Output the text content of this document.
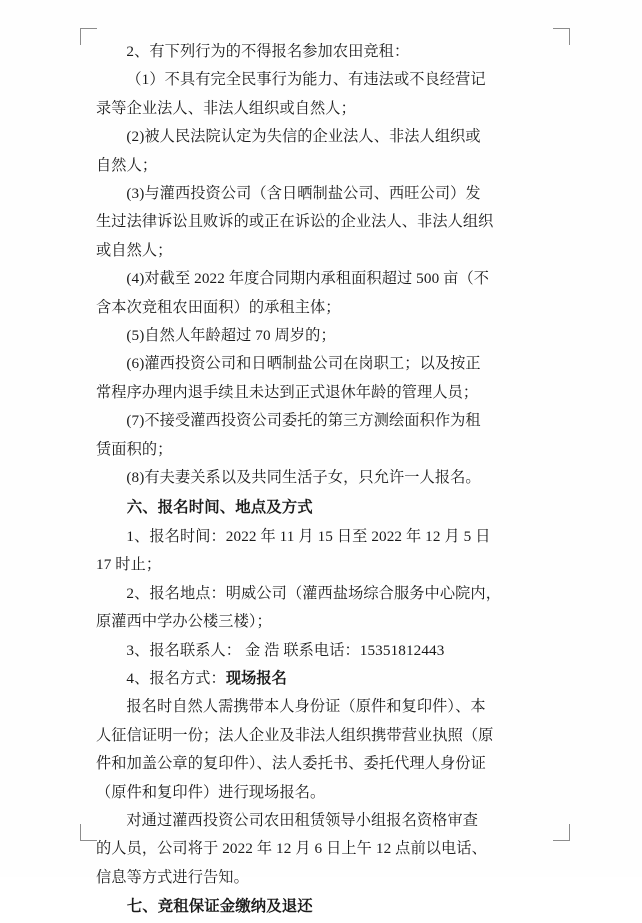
2、有下列行为的不得报名参加农田竞租：

（1）不具有完全民事行为能力、有违法或不良经营记

录等企业法人、非法人组织或自然人；

(2)被人民法院认定为失信的企业法人、非法人组织或

自然人；

(3)与灌西投资公司（含日晒制盐公司、西旺公司）发

生过法律诉讼且败诉的或正在诉讼的企业法人、非法人组织

或自然人；

(4)对截至 2022 年度合同期内承租面积超过 500 亩（不

含本次竞租农田面积）的承租主体；

(5)自然人年龄超过 70 周岁的；

(6)灌西投资公司和日晒制盐公司在岗职工；以及按正

常程序办理内退手续且未达到正式退休年龄的管理人员；

(7)不接受灌西投资公司委托的第三方测绘面积作为租

赁面积的；

(8)有夫妻关系以及共同生活子女，只允许一人报名。

六、报名时间、地点及方式

1、报名时间：2022 年 11 月 15 日至 2022 年 12 月 5 日

17 时止；

2、报名地点：明威公司（灌西盐场综合服务中心院内，

原灌西中学办公楼三楼）；

3、报名联系人： 金 浩 联系电话：15351812443

4、报名方式：现场报名

报名时自然人需携带本人身份证（原件和复印件）、本

人征信证明一份；法人企业及非法人组织携带营业执照（原

件和加盖公章的复印件）、法人委托书、委托代理人身份证

（原件和复印件）进行现场报名。

对通过灌西投资公司农田租赁领导小组报名资格审查

的人员，公司将于 2022 年 12 月 6 日上午 12 点前以电话、

信息等方式进行告知。

七、竞租保证金缴纳及退还
